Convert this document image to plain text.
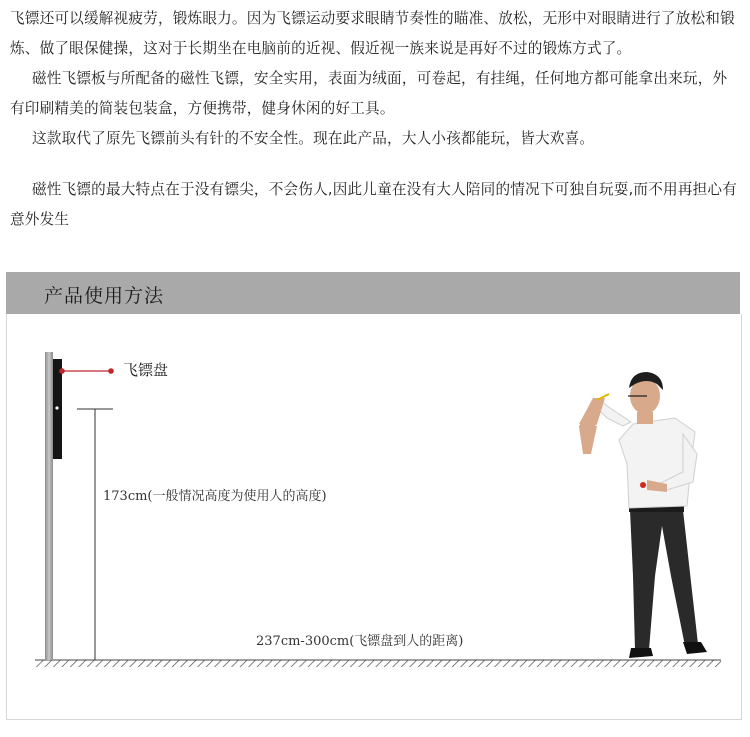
飞镖还可以缓解视疲劳，锻炼眼力。因为飞镖运动要求眼睛节奏性的瞄准、放松，无形中对眼睛进行了放松和锻炼、做了眼保健操，这对于长期坐在电脑前的近视、假近视一族来说是再好不过的锻炼方式了。

磁性飞镖板与所配备的磁性飞镖，安全实用，表面为绒面，可卷起，有挂绳，任何地方都可能拿出来玩，外有印刷精美的简装包装盒，方便携带，健身休闲的好工具。

这款取代了原先飞镖前头有针的不安全性。现在此产品，大人小孩都能玩，皆大欢喜。

磁性飞镖的最大特点在于没有镖尖，不会伤人,因此儿童在没有大人陪同的情况下可独自玩耍,而不用再担心有意外发生

产品使用方法
飞镖盘
173cm(一般情况高度为使用人的高度)
237cm-300cm(飞镖盘到人的距离)
